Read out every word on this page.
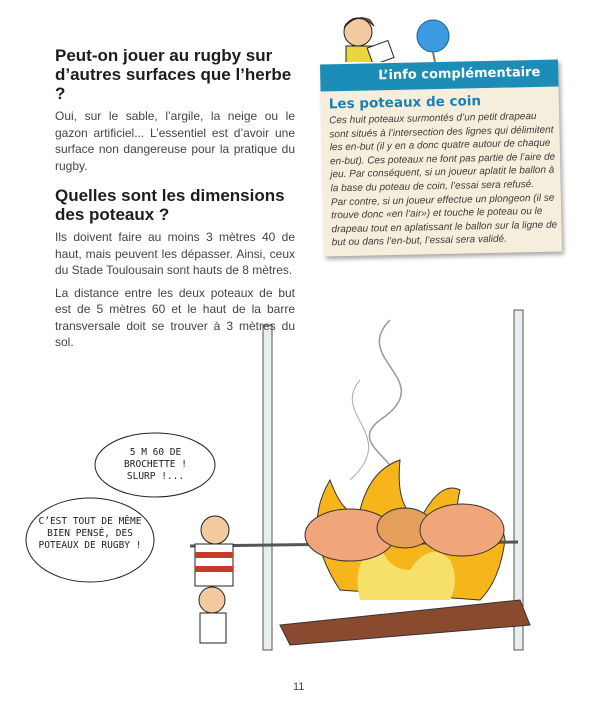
Peut-on jouer au rugby sur d’autres surfaces que l’herbe ?
Oui, sur le sable, l’argile, la neige ou le gazon artificiel... L’essentiel est d’avoir une surface non dangereuse pour la pratique du rugby.
Quelles sont les dimensions des poteaux ?
Ils doivent faire au moins 3 mètres 40 de haut, mais peuvent les dépasser. Ainsi, ceux du Stade Toulousain sont hauts de 8 mètres.
La distance entre les deux poteaux de but est de 5 mètres 60 et le haut de la barre transversale doit se trouver à 3 mètres du sol.
L’info complémentaire
Les poteaux de coin
Ces huit poteaux surmontés d’un petit drapeau sont situés à l’intersection des lignes qui délimitent les en-but (il y en a donc quatre autour de chaque en-but). Ces poteaux ne font pas partie de l’aire de jeu. Par conséquent, si un joueur aplatit le ballon à la base du poteau de coin, l’essai sera refusé.
Par contre, si un joueur effectue un plongeon (il se trouve donc «en l’air») et touche le poteau ou le drapeau tout en aplatissant le ballon sur la ligne de but ou dans l’en-but, l’essai sera validé.
5 M 60 DE BROCHETTE ! SLURP !...
C’EST TOUT DE MÊME BIEN PENSÉ, DES POTEAUX DE RUGBY !
11
